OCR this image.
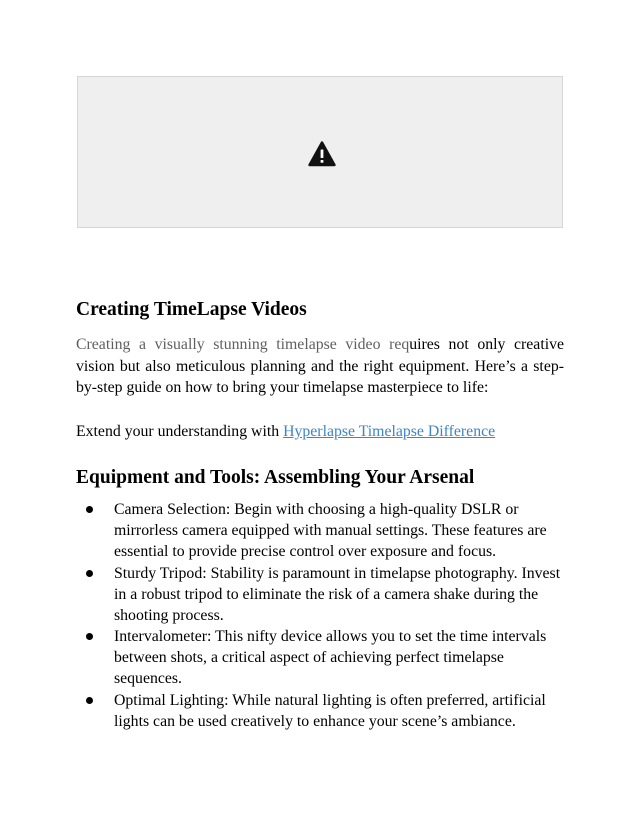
Creating TimeLapse Videos

Creating a visually stunning timelapse video requires not only creative vision but also meticulous planning and the right equipment. Here’s a step-by-step guide on how to bring your timelapse masterpiece to life:

Extend your understanding with Hyperlapse Timelapse Difference

Equipment and Tools: Assembling Your Arsenal
Camera Selection: Begin with choosing a high-quality DSLR or mirrorless camera equipped with manual settings. These features are essential to provide precise control over exposure and focus.
Sturdy Tripod: Stability is paramount in timelapse photography. Invest in a robust tripod to eliminate the risk of a camera shake during the shooting process.
Intervalometer: This nifty device allows you to set the time intervals between shots, a critical aspect of achieving perfect timelapse sequences.
Optimal Lighting: While natural lighting is often preferred, artificial lights can be used creatively to enhance your scene’s ambiance.
